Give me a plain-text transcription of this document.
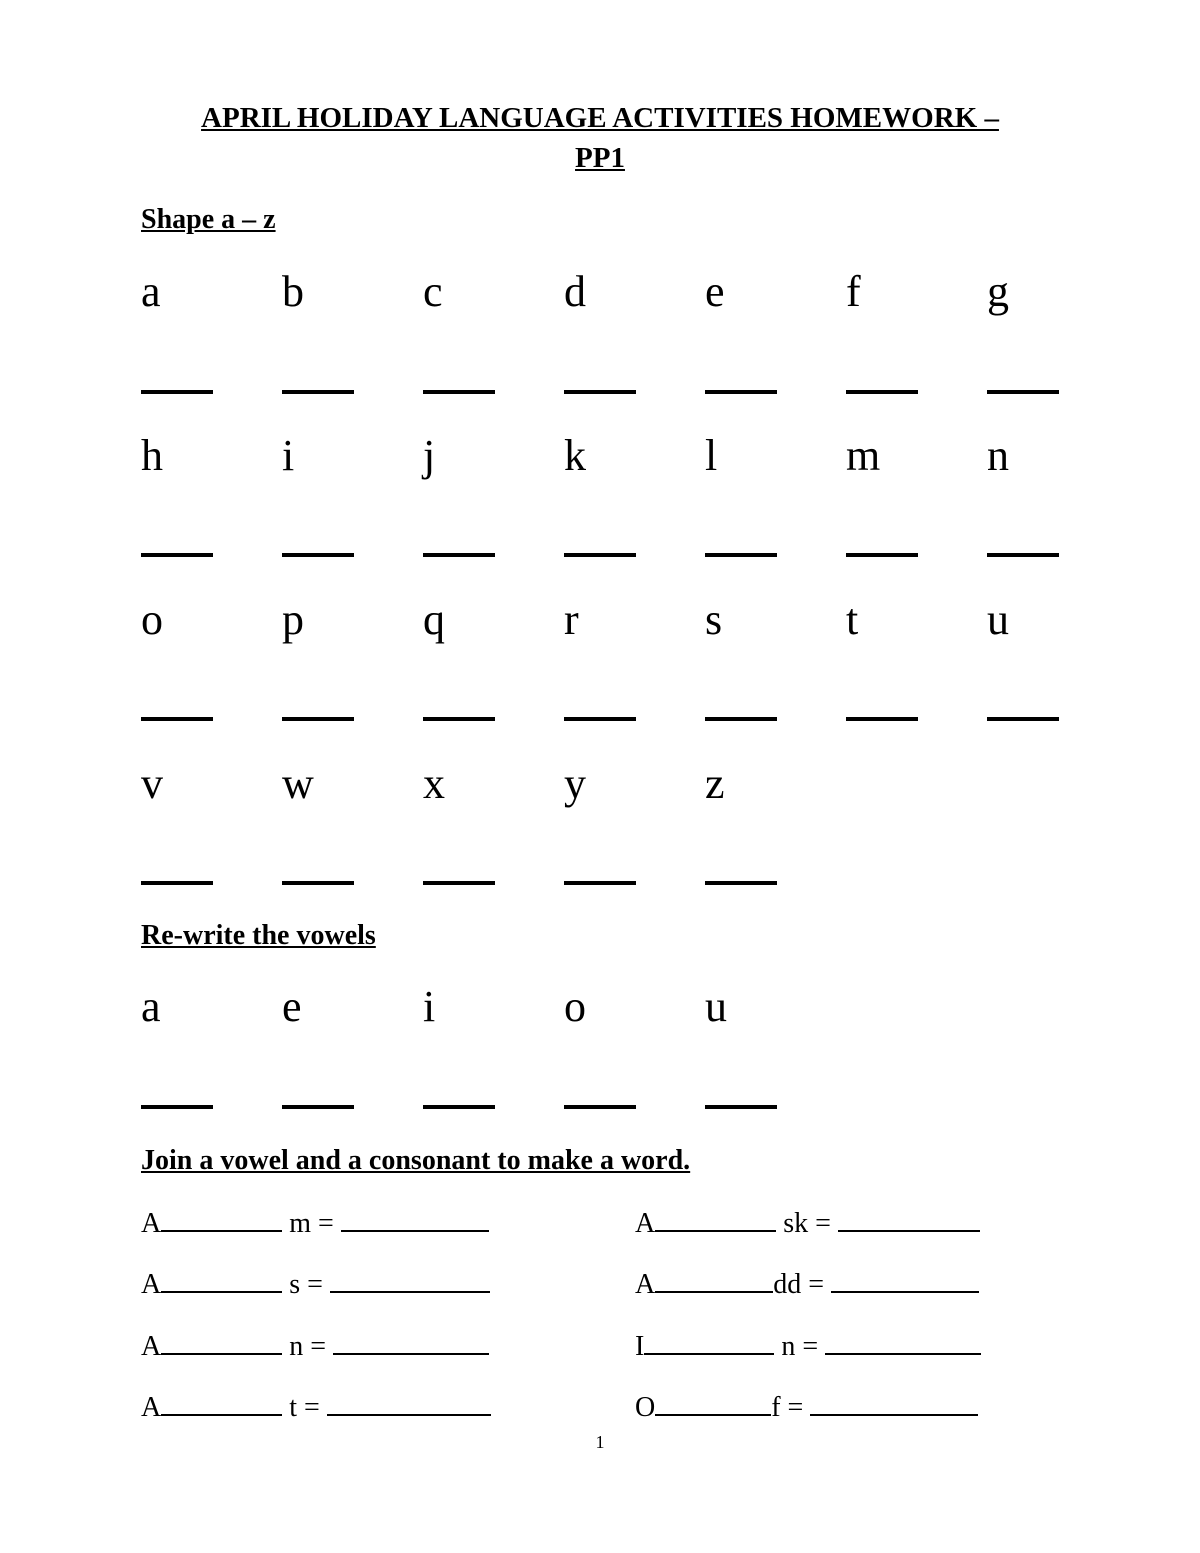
APRIL HOLIDAY LANGUAGE ACTIVITIES HOMEWORK –
PP1
Shape a – z
a	b	c	d	e	f	g
h	i	j	k	l	m	n
o	p	q	r	s	t	u
v	w	x	y	z
Re-write the vowels
a	e	i	o	u
Join a vowel and a consonant to make a word.
A	m =
A	s =
A	n =
A	t =
A	sk =
A	dd =
I	n =
O	f =
1
